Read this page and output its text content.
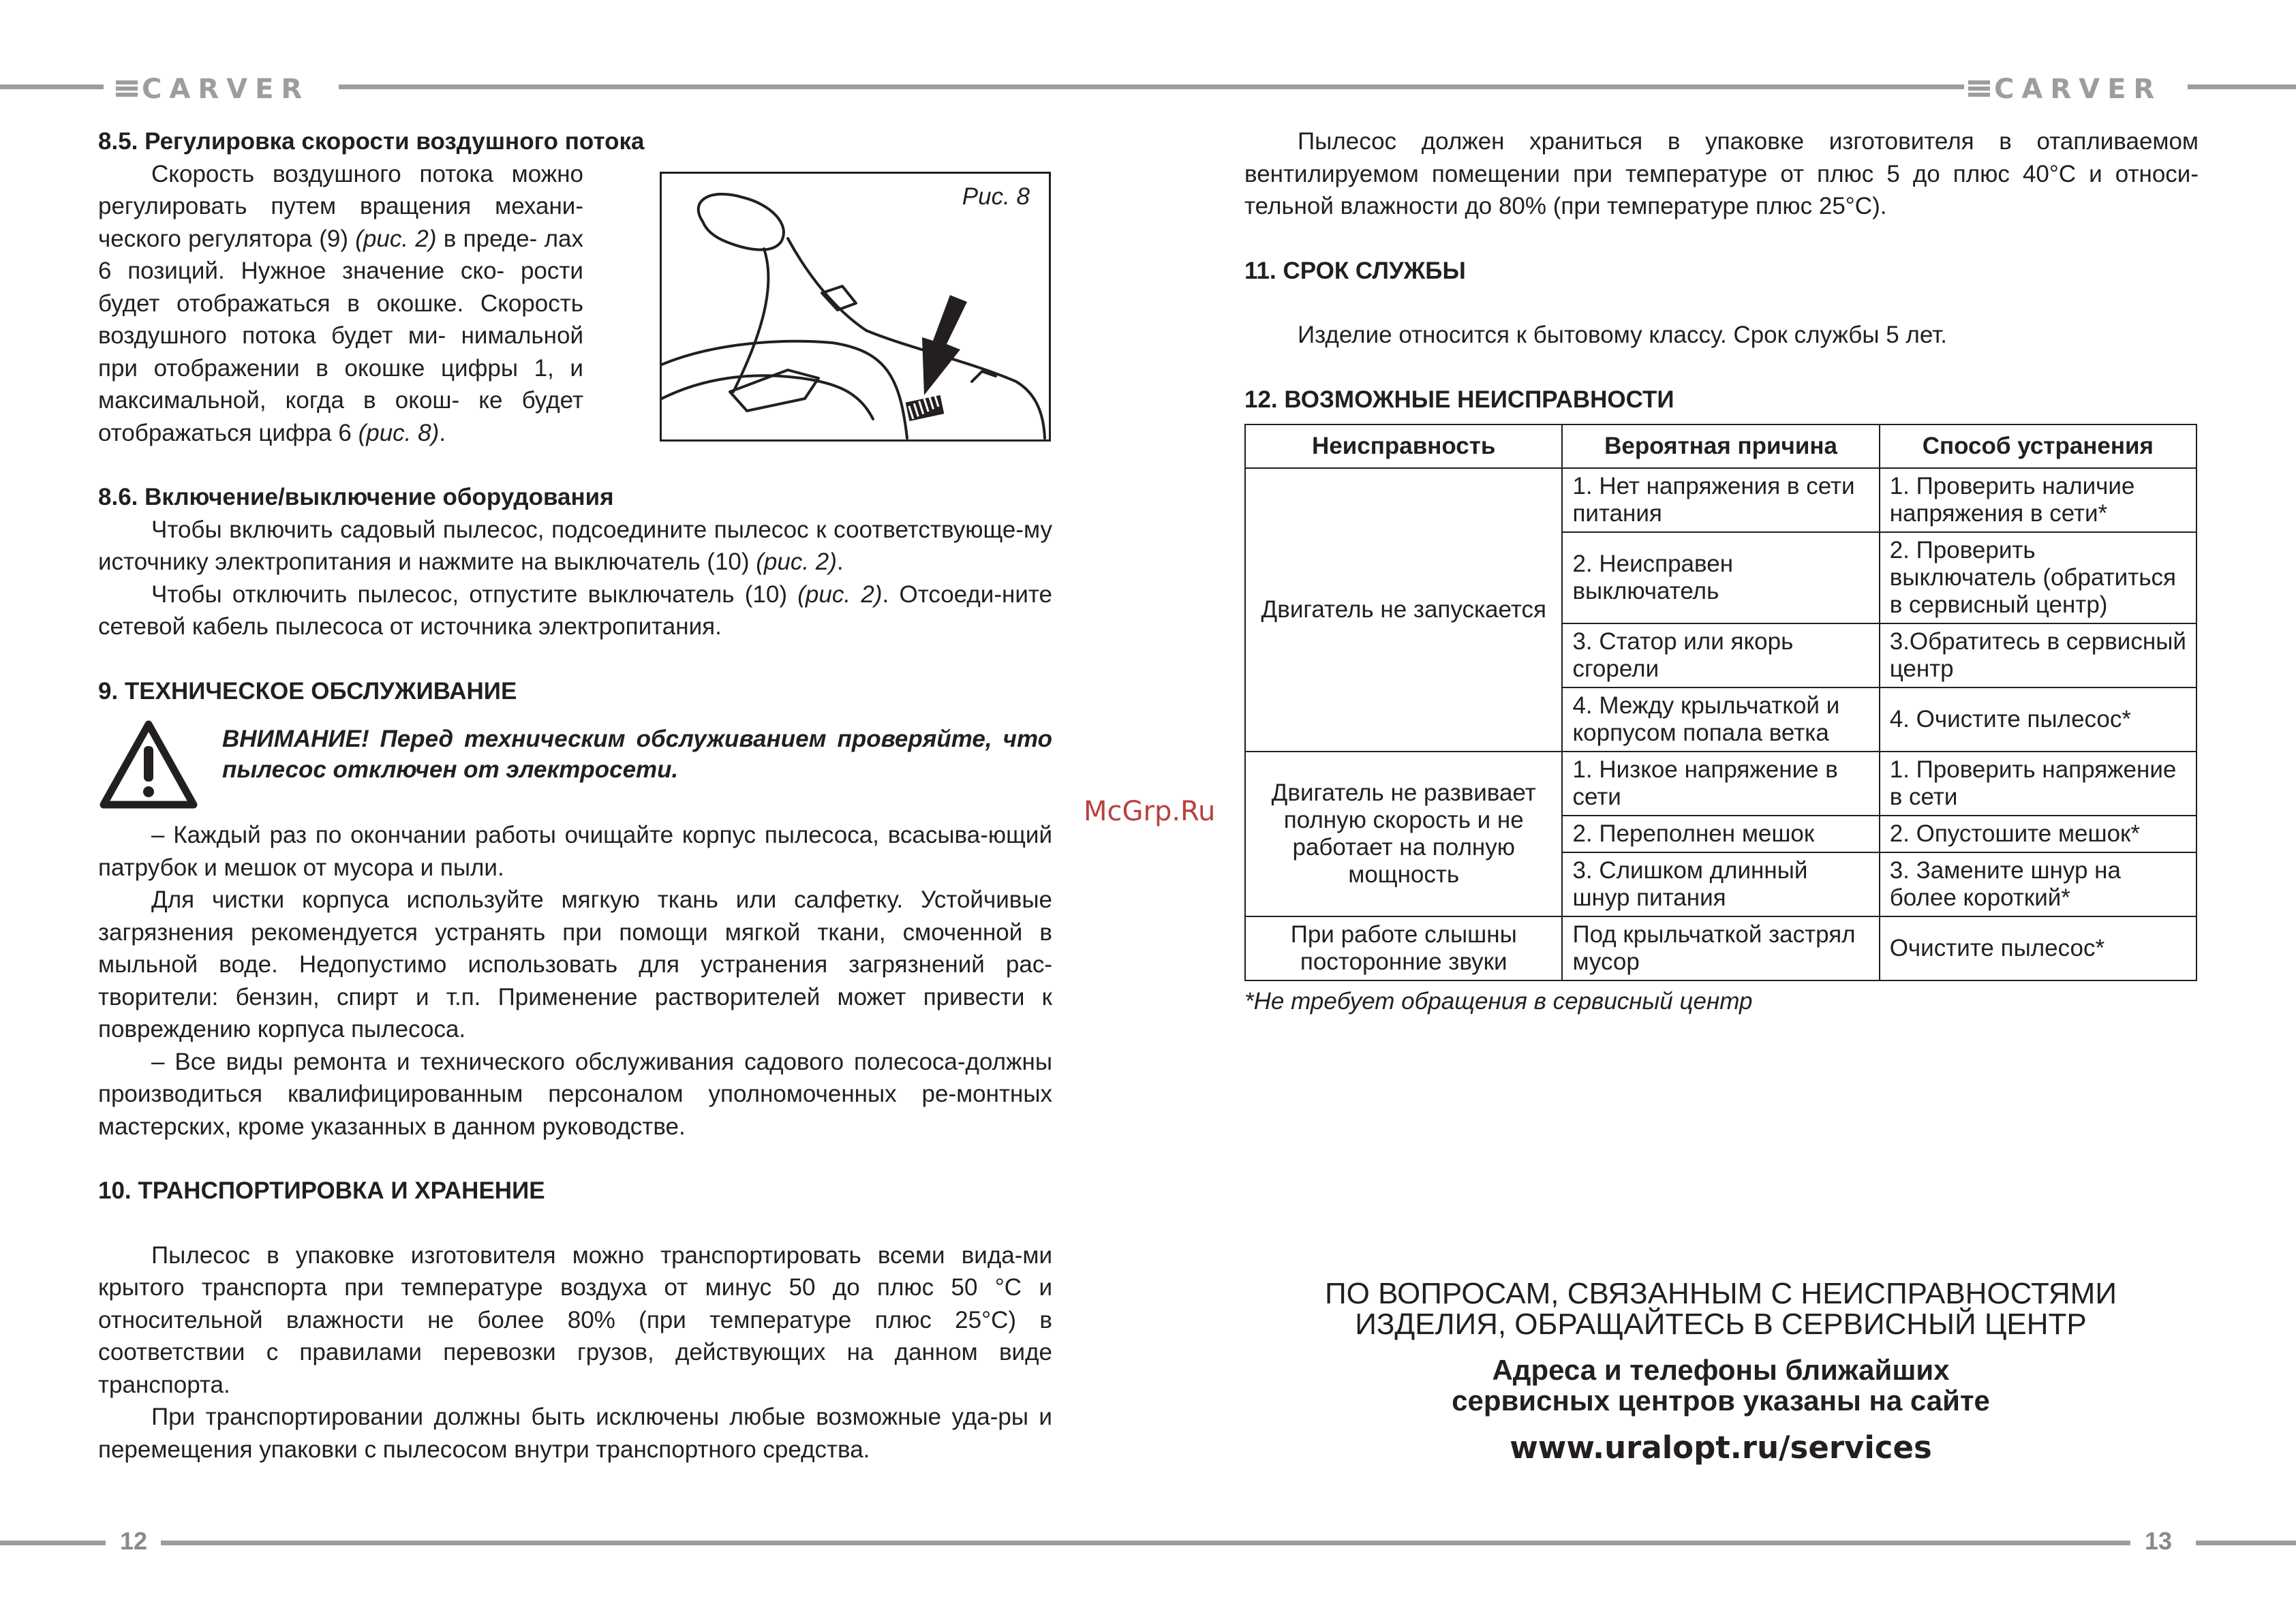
CARVER	CARVER
12	13
McGrp.Ru
8.5. Регулировка скорости воздушного потока
Скорость воздушного потока можно регулировать путем вращения механи- ческого регулятора (9) (рис. 2) в преде- лах 6 позиций. Нужное значение ско- рости будет отображаться в окошке. Скорость воздушного потока будет ми- нимальной при отображении в окошке цифры 1, и максимальной, когда в окош- ке будет отображаться цифра 6 (рис. 8).
8.6. Включение/выключение оборудования
Чтобы включить садовый пылесос, подсоедините пылесос к соответствующе-му источнику электропитания и нажмите на выключатель (10) (рис. 2).
Чтобы отключить пылесос, отпустите выключатель (10) (рис. 2). Отсоеди-ните сетевой кабель пылесоса от источника электропитания.
9. ТЕХНИЧЕСКОЕ ОБСЛУЖИВАНИЕ
ВНИМАНИЕ! Перед техническим обслуживанием проверяйте, что пылесос отключен от электросети.
– Каждый раз по окончании работы очищайте корпус пылесоса, всасыва-ющий патрубок и мешок от мусора и пыли.
Для чистки корпуса используйте мягкую ткань или салфетку. Устойчивые загрязнения рекомендуется устранять при помощи мягкой ткани, смоченной в мыльной воде. Недопустимо использовать для устранения загрязнений рас-творители: бензин, спирт и т.п. Применение растворителей может привести к повреждению корпуса пылесоса.
– Все виды ремонта и технического обслуживания садового полесоса-должны производиться квалифицированным персоналом уполномоченных ре-монтных мастерских, кроме указанных в данном руководстве.
10. ТРАНСПОРТИРОВКА И ХРАНЕНИЕ
Пылесос в упаковке изготовителя можно транспортировать всеми вида-ми крытого транспорта при температуре воздуха от минус 50 до плюс 50 °С и относительной влажности не более 80% (при температуре плюс 25°С) в соответствии с правилами перевозки грузов, действующих на данном виде транспорта.
При транспортировании должны быть исключены любые возможные уда-ры и перемещения упаковки с пылесосом внутри транспортного средства.
Рис. 8
Пылесос должен храниться в упаковке изготовителя в отапливаемом вентилируемом помещении при температуре от плюс 5 до плюс 40°С и относи-тельной влажности до 80% (при температуре плюс 25°С).
11. СРОК СЛУЖБЫ
Изделие относится к бытовому классу. Срок службы 5 лет.
12. ВОЗМОЖНЫЕ НЕИСПРАВНОСТИ
Неисправность	Вероятная причина	Способ устранения
Двигатель не запускается	1. Нет напряжения в сети питания	1. Проверить наличие напряжения в сети*
	2. Неисправен выключатель	2. Проверить выключатель (обратиться в сервисный центр)
	3. Статор или якорь сгорели	3.Обратитесь в сервисный центр
	4. Между крыльчаткой и корпусом попала ветка	4. Очистите пылесос*
Двигатель не развивает полную скорость и не работает на полную мощность	1. Низкое напряжение в сети	1. Проверить напряжение в сети
	2. Переполнен мешок	2. Опустошите мешок*
	3. Слишком длинный шнур питания	3. Замените шнур на более короткий*
При работе слышны посторонние звуки	Под крыльчаткой застрял мусор	Очистите пылесос*
*Не требует обращения в сервисный центр
ПО ВОПРОСАМ, СВЯЗАННЫМ С НЕИСПРАВНОСТЯМИ
ИЗДЕЛИЯ, ОБРАЩАЙТЕСЬ В СЕРВИСНЫЙ ЦЕНТР
Адреса и телефоны ближайших
сервисных центров указаны на сайте
www.uralopt.ru/services
